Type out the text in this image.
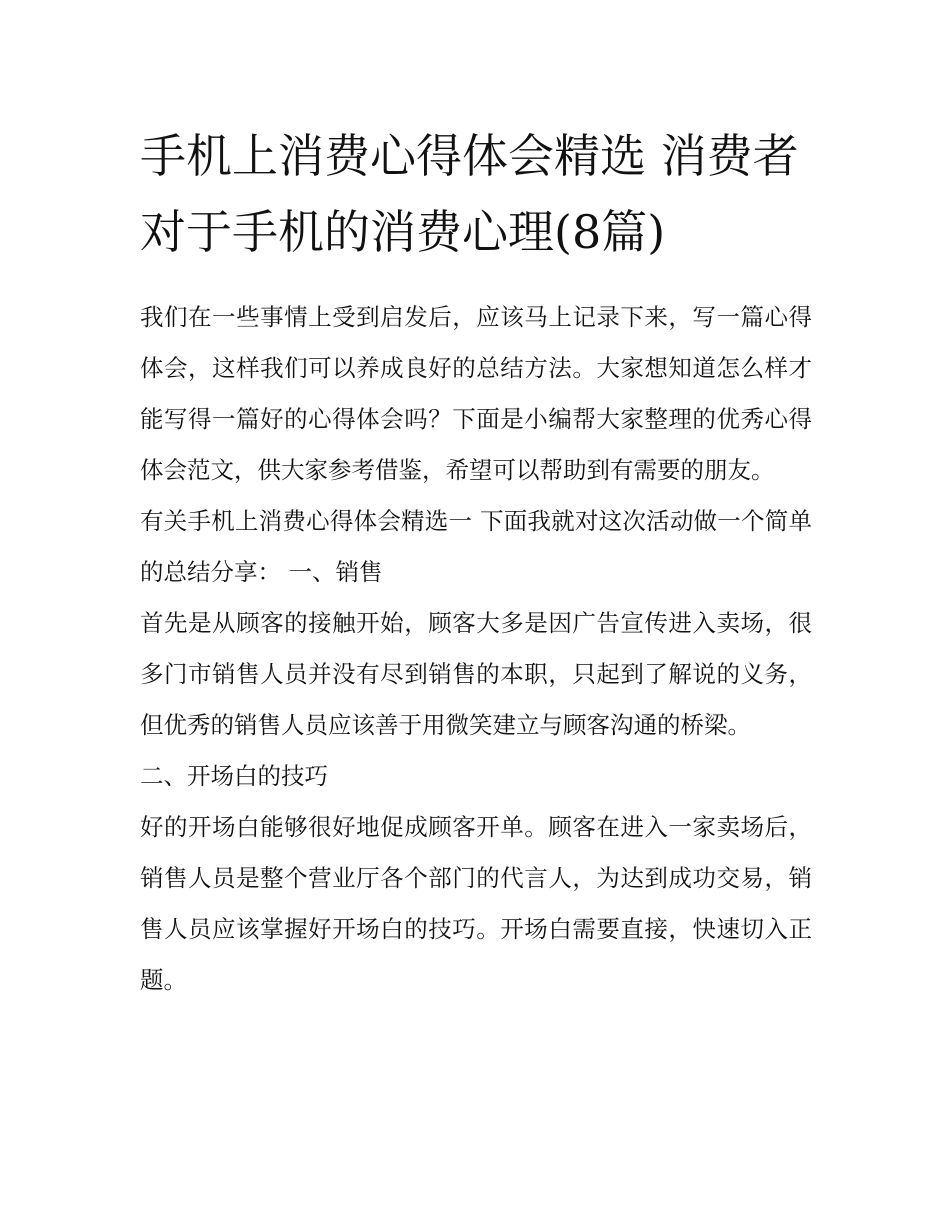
手机上消费心得体会精选 消费者对于手机的消费心理(8篇)

我们在一些事情上受到启发后，应该马上记录下来，写一篇心得体会，这样我们可以养成良好的总结方法。大家想知道怎么样才能写得一篇好的心得体会吗？下面是小编帮大家整理的优秀心得体会范文，供大家参考借鉴，希望可以帮助到有需要的朋友。

有关手机上消费心得体会精选一 下面我就对这次活动做一个简单的总结分享： 一、销售

首先是从顾客的接触开始，顾客大多是因广告宣传进入卖场，很多门市销售人员并没有尽到销售的本职，只起到了解说的义务，但优秀的销售人员应该善于用微笑建立与顾客沟通的桥梁。

二、开场白的技巧

好的开场白能够很好地促成顾客开单。顾客在进入一家卖场后，销售人员是整个营业厅各个部门的代言人，为达到成功交易，销售人员应该掌握好开场白的技巧。开场白需要直接，快速切入正题。
